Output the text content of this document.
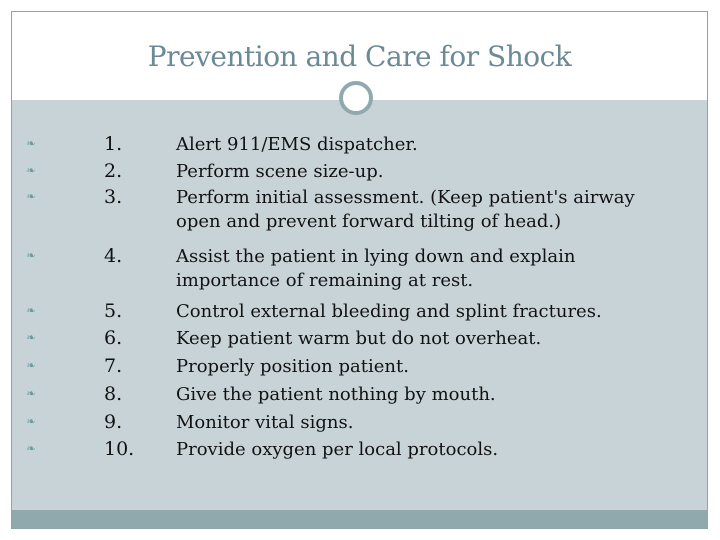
Prevention and Care for Shock
❧	1.	Alert 911/EMS dispatcher.
❧	2.	Perform scene size-up.
❧	3.	Perform initial assessment. (Keep patient's airway open and prevent forward tilting of head.)
❧	4.	Assist the patient in lying down and explain importance of remaining at rest.
❧	5.	Control external bleeding and splint fractures.
❧	6.	Keep patient warm but do not overheat.
❧	7.	Properly position patient.
❧	8.	Give the patient nothing by mouth.
❧	9.	Monitor vital signs.
❧	10. Provide oxygen per local protocols.
